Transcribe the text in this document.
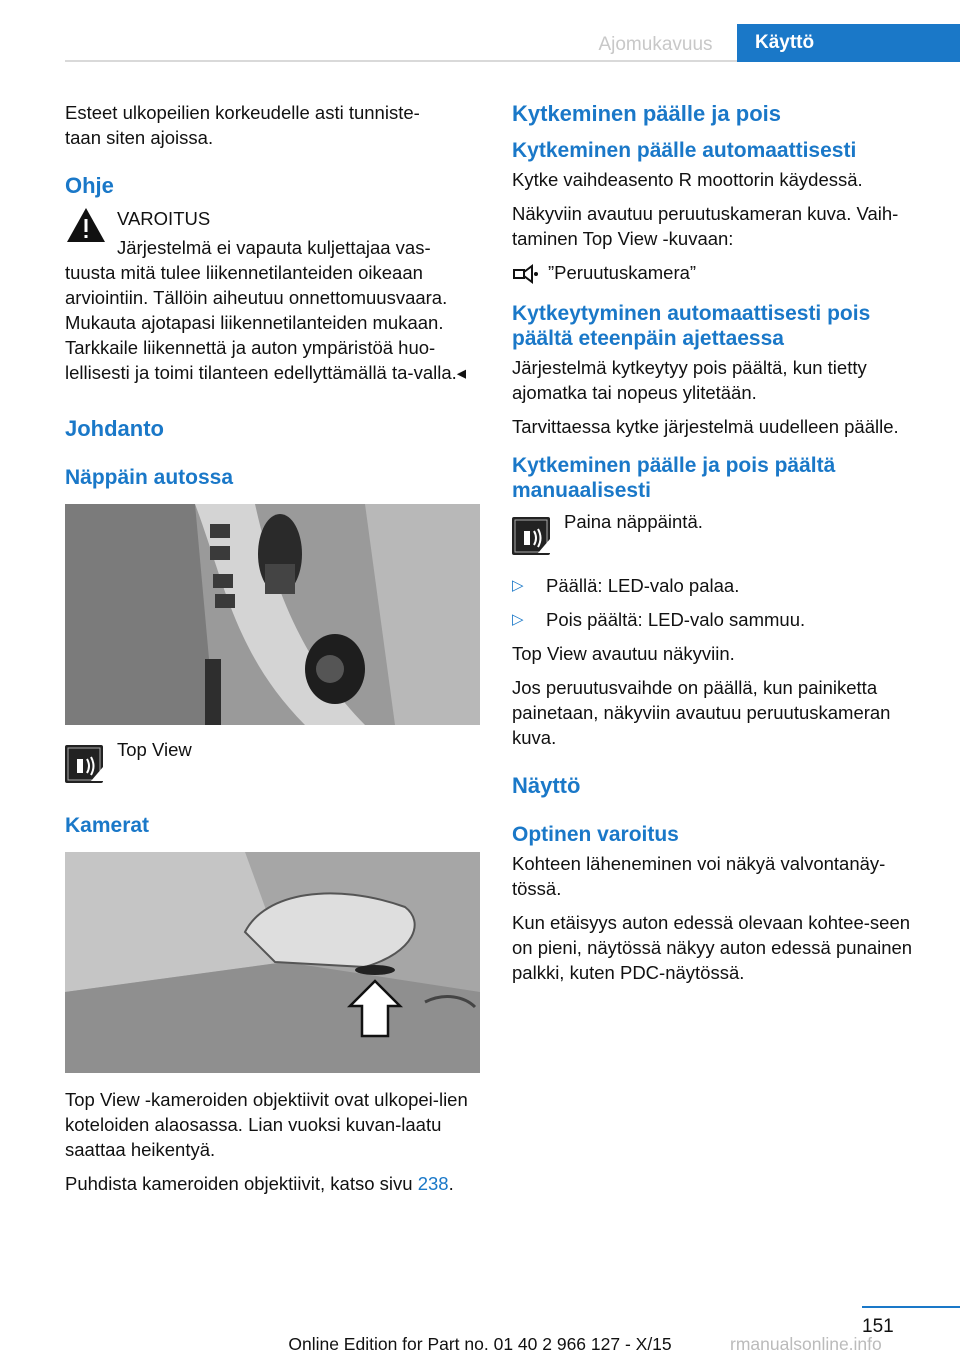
Ajomukavuus	Käyttö

Esteet ulkopeilien korkeudelle asti tunniste-

taan siten ajoissa.

Ohje

VAROITUS

Järjestelmä ei vapauta kuljettajaa vas-

tuusta mitä tulee liikennetilanteiden oikeaan arviointiin. Tällöin aiheutuu onnettomuusvaara. Mukauta ajotapasi liikennetilanteiden mukaan. Tarkkaile liikennettä ja auton ympäristöä huo-lellisesti ja toimi tilanteen edellyttämällä ta-valla.◂

Johdanto
Näppäin autossa

Top View

Kamerat

Top View -kameroiden objektiivit ovat ulkopei-lien koteloiden alaosassa. Lian vuoksi kuvan-laatu saattaa heikentyä.

Puhdista kameroiden objektiivit, katso sivu 238.

Kytkeminen päälle ja pois
Kytkeminen päälle automaattisesti

Kytke vaihdeasento R moottorin käydessä.

Näkyviin avautuu peruutuskameran kuva. Vaih-taminen Top View -kuvaan:

”Peruutuskamera”

Kytkeytyminen automaattisesti pois päältä eteenpäin ajettaessa

Järjestelmä kytkeytyy pois päältä, kun tietty ajomatka tai nopeus ylitetään.

Tarvittaessa kytke järjestelmä uudelleen päälle.

Kytkeminen päälle ja pois päältä manuaalisesti

Paina näppäintä.

▷	Päällä: LED-valo palaa.
▷	Pois päältä: LED-valo sammuu.

Top View avautuu näkyviin.

Jos peruutusvaihde on päällä, kun painiketta painetaan, näkyviin avautuu peruutuskameran kuva.

Näyttö
Optinen varoitus

Kohteen läheneminen voi näkyä valvontanäy-tössä.

Kun etäisyys auton edessä olevaan kohtee-seen on pieni, näytössä näkyy auton edessä punainen palkki, kuten PDC-näytössä.

151
Online Edition for Part no. 01 40 2 966 127 - X/15	rmanualsonline.info
